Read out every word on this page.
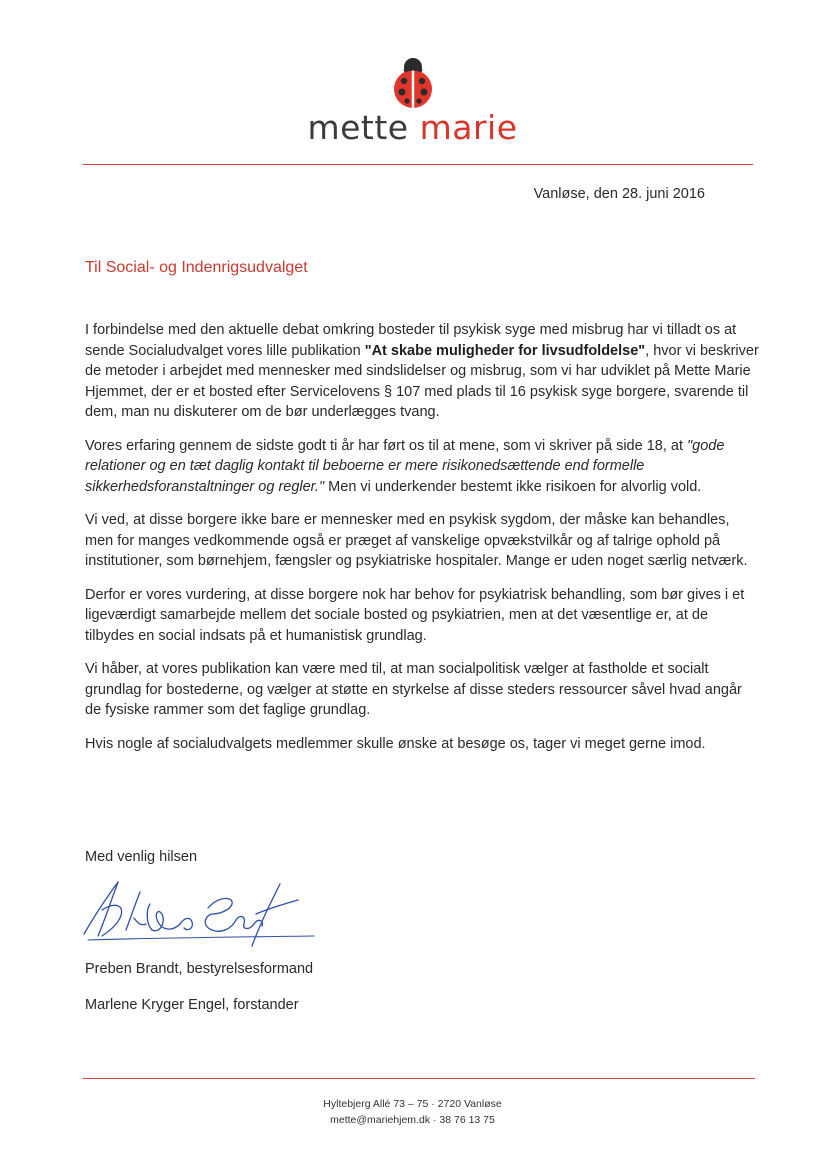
mette marie
Vanløse, den 28. juni 2016
Til Social- og Indenrigsudvalget

I forbindelse med den aktuelle debat omkring bosteder til psykisk syge med misbrug har vi tilladt os at sende Socialudvalget vores lille publikation "At skabe muligheder for livsudfoldelse", hvor vi beskriver de metoder i arbejdet med mennesker med sindslidelser og misbrug, som vi har udviklet på Mette Marie Hjemmet, der er et bosted efter Servicelovens § 107 med plads til 16 psykisk syge borgere, svarende til dem, man nu diskuterer om de bør underlægges tvang.

Vores erfaring gennem de sidste godt ti år har ført os til at mene, som vi skriver på side 18, at "gode relationer og en tæt daglig kontakt til beboerne er mere risikonedsættende end formelle sikkerhedsforanstaltninger og regler." Men vi underkender bestemt ikke risikoen for alvorlig vold.

Vi ved, at disse borgere ikke bare er mennesker med en psykisk sygdom, der måske kan behandles, men for manges vedkommende også er præget af vanskelige opvækstvilkår og af talrige ophold på institutioner, som børnehjem, fængsler og psykiatriske hospitaler. Mange er uden noget særlig netværk.

Derfor er vores vurdering, at disse borgere nok har behov for psykiatrisk behandling, som bør gives i et ligeværdigt samarbejde mellem det sociale bosted og psykiatrien, men at det væsentlige er, at de tilbydes en social indsats på et humanistisk grundlag.

Vi håber, at vores publikation kan være med til, at man socialpolitisk vælger at fastholde et socialt grundlag for bostederne, og vælger at støtte en styrkelse af disse steders ressourcer såvel hvad angår de fysiske rammer som det faglige grundlag.

Hvis nogle af socialudvalgets medlemmer skulle ønske at besøge os, tager vi meget gerne imod.

Med venlig hilsen
Preben Brandt, bestyrelsesformand
Marlene Kryger Engel, forstander
Hyltebjerg Allé 73 – 75 · 2720 Vanløse
mette@mariehjem.dk · 38 76 13 75
